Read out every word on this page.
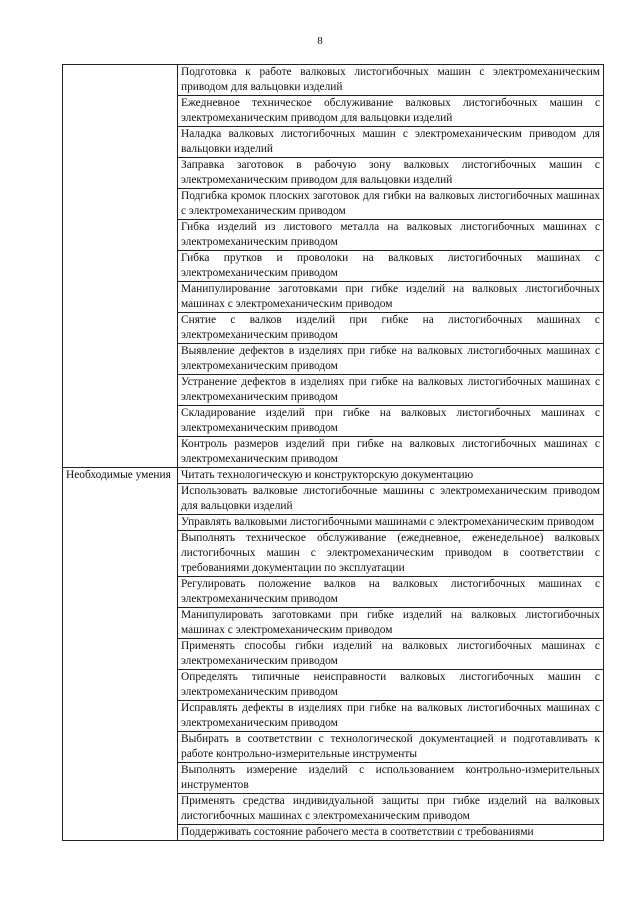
8
	Подготовка к работе валковых листогибочных машин с электромеханическим приводом для вальцовки изделий
	Ежедневное техническое обслуживание валковых листогибочных машин с электромеханическим приводом для вальцовки изделий
	Наладка валковых листогибочных машин с электромеханическим приводом для вальцовки изделий
	Заправка заготовок в рабочую зону валковых листогибочных машин с электромеханическим приводом для вальцовки изделий
	Подгибка кромок плоских заготовок для гибки на валковых листогибочных машинах с электромеханическим приводом
	Гибка изделий из листового металла на валковых листогибочных машинах с электромеханическим приводом
	Гибка прутков и проволоки на валковых листогибочных машинах с электромеханическим приводом
	Манипулирование заготовками при гибке изделий на валковых листогибочных машинах с электромеханическим приводом
	Снятие с валков изделий при гибке на листогибочных машинах с электромеханическим приводом
	Выявление дефектов в изделиях при гибке на валковых листогибочных машинах с электромеханическим приводом
	Устранение дефектов в изделиях при гибке на валковых листогибочных машинах с электромеханическим приводом
	Складирование изделий при гибке на валковых листогибочных машинах с электромеханическим приводом
	Контроль размеров изделий при гибке на валковых листогибочных машинах с электромеханическим приводом
Необходимые умения	Читать технологическую и конструкторскую документацию
	Использовать валковые листогибочные машины с электромеханическим приводом для вальцовки изделий
	Управлять валковыми листогибочными машинами с электромеханическим приводом
	Выполнять техническое обслуживание (ежедневное, еженедельное) валковых листогибочных машин с электромеханическим приводом в соответствии с требованиями документации по эксплуатации
	Регулировать положение валков на валковых листогибочных машинах с электромеханическим приводом
	Манипулировать заготовками при гибке изделий на валковых листогибочных машинах с электромеханическим приводом
	Применять способы гибки изделий на валковых листогибочных машинах с электромеханическим приводом
	Определять типичные неисправности валковых листогибочных машин с электромеханическим приводом
	Исправлять дефекты в изделиях при гибке на валковых листогибочных машинах с электромеханическим приводом
	Выбирать в соответствии с технологической документацией и подготавливать к работе контрольно-измерительные инструменты
	Выполнять измерение изделий с использованием контрольно-измерительных инструментов
	Применять средства индивидуальной защиты при гибке изделий на валковых листогибочных машинах с электромеханическим приводом
	Поддерживать состояние рабочего места в соответствии с требованиями
